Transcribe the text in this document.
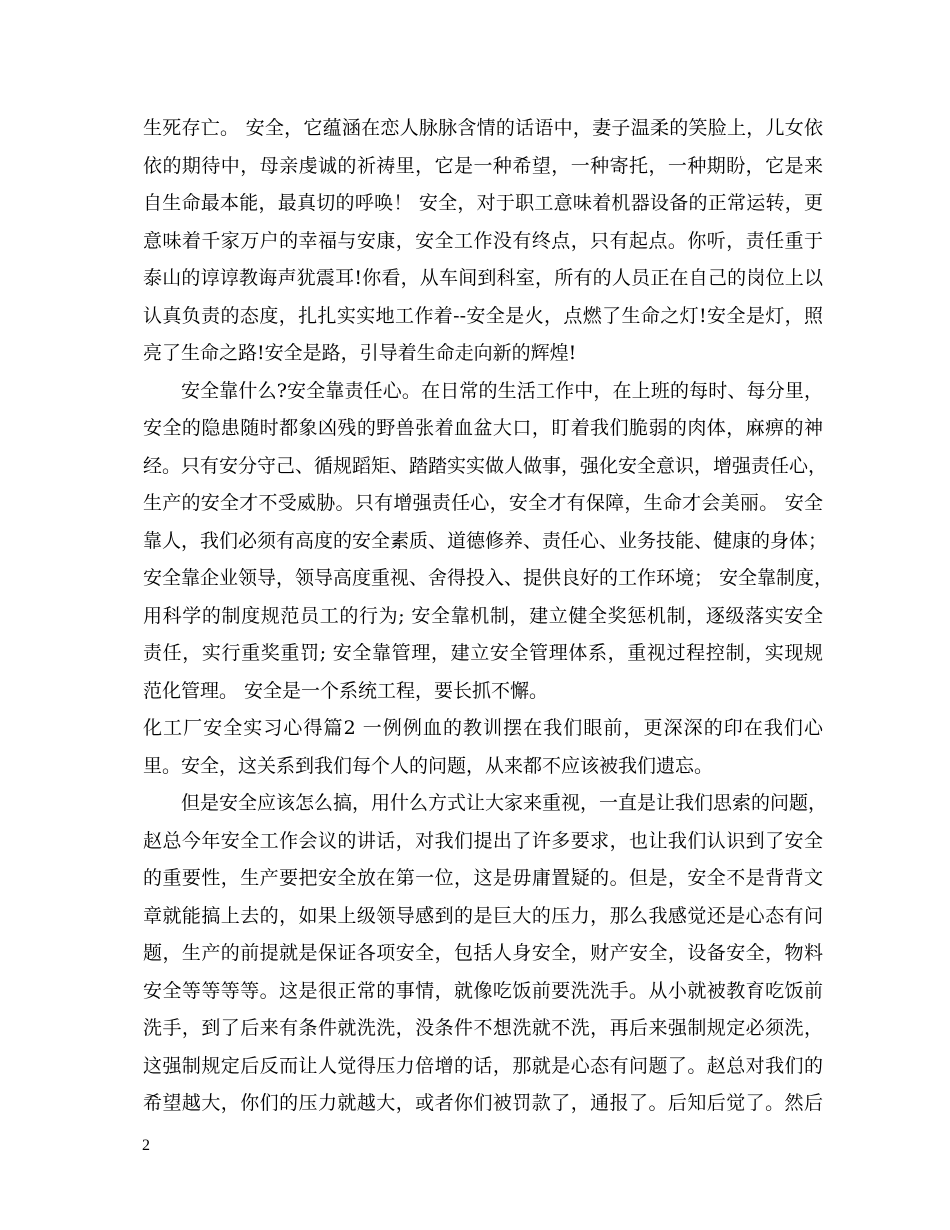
生死存亡。 安全，它蕴涵在恋人脉脉含情的话语中，妻子温柔的笑脸上，儿女依
依的期待中，母亲虔诚的祈祷里，它是一种希望，一种寄托，一种期盼，它是来
自生命最本能，最真切的呼唤！ 安全，对于职工意味着机器设备的正常运转，更
意味着千家万户的幸福与安康，安全工作没有终点，只有起点。你听，责任重于
泰山的谆谆教诲声犹震耳!你看，从车间到科室，所有的人员正在自己的岗位上以
认真负责的态度，扎扎实实地工作着--安全是火，点燃了生命之灯!安全是灯，照
亮了生命之路!安全是路，引导着生命走向新的辉煌!
安全靠什么?安全靠责任心。在日常的生活工作中，在上班的每时、每分里，
安全的隐患随时都象凶残的野兽张着血盆大口，盯着我们脆弱的肉体，麻痹的神
经。只有安分守己、循规蹈矩、踏踏实实做人做事，强化安全意识，增强责任心，
生产的安全才不受威胁。只有增强责任心，安全才有保障，生命才会美丽。 安全
靠人，我们必须有高度的安全素质、道德修养、责任心、业务技能、健康的身体；
安全靠企业领导，领导高度重视、舍得投入、提供良好的工作环境； 安全靠制度，
用科学的制度规范员工的行为; 安全靠机制，建立健全奖惩机制，逐级落实安全
责任，实行重奖重罚; 安全靠管理，建立安全管理体系，重视过程控制，实现规
范化管理。 安全是一个系统工程，要长抓不懈。
化工厂安全实习心得篇2 一例例血的教训摆在我们眼前，更深深的印在我们心
里。安全，这关系到我们每个人的问题，从来都不应该被我们遗忘。
但是安全应该怎么搞，用什么方式让大家来重视，一直是让我们思索的问题，
赵总今年安全工作会议的讲话，对我们提出了许多要求，也让我们认识到了安全
的重要性，生产要把安全放在第一位，这是毋庸置疑的。但是，安全不是背背文
章就能搞上去的，如果上级领导感到的是巨大的压力，那么我感觉还是心态有问
题，生产的前提就是保证各项安全，包括人身安全，财产安全，设备安全，物料
安全等等等等。这是很正常的事情，就像吃饭前要洗洗手。从小就被教育吃饭前
洗手，到了后来有条件就洗洗，没条件不想洗就不洗，再后来强制规定必须洗，
这强制规定后反而让人觉得压力倍增的话，那就是心态有问题了。赵总对我们的
希望越大，你们的压力就越大，或者你们被罚款了，通报了。后知后觉了。然后
2
